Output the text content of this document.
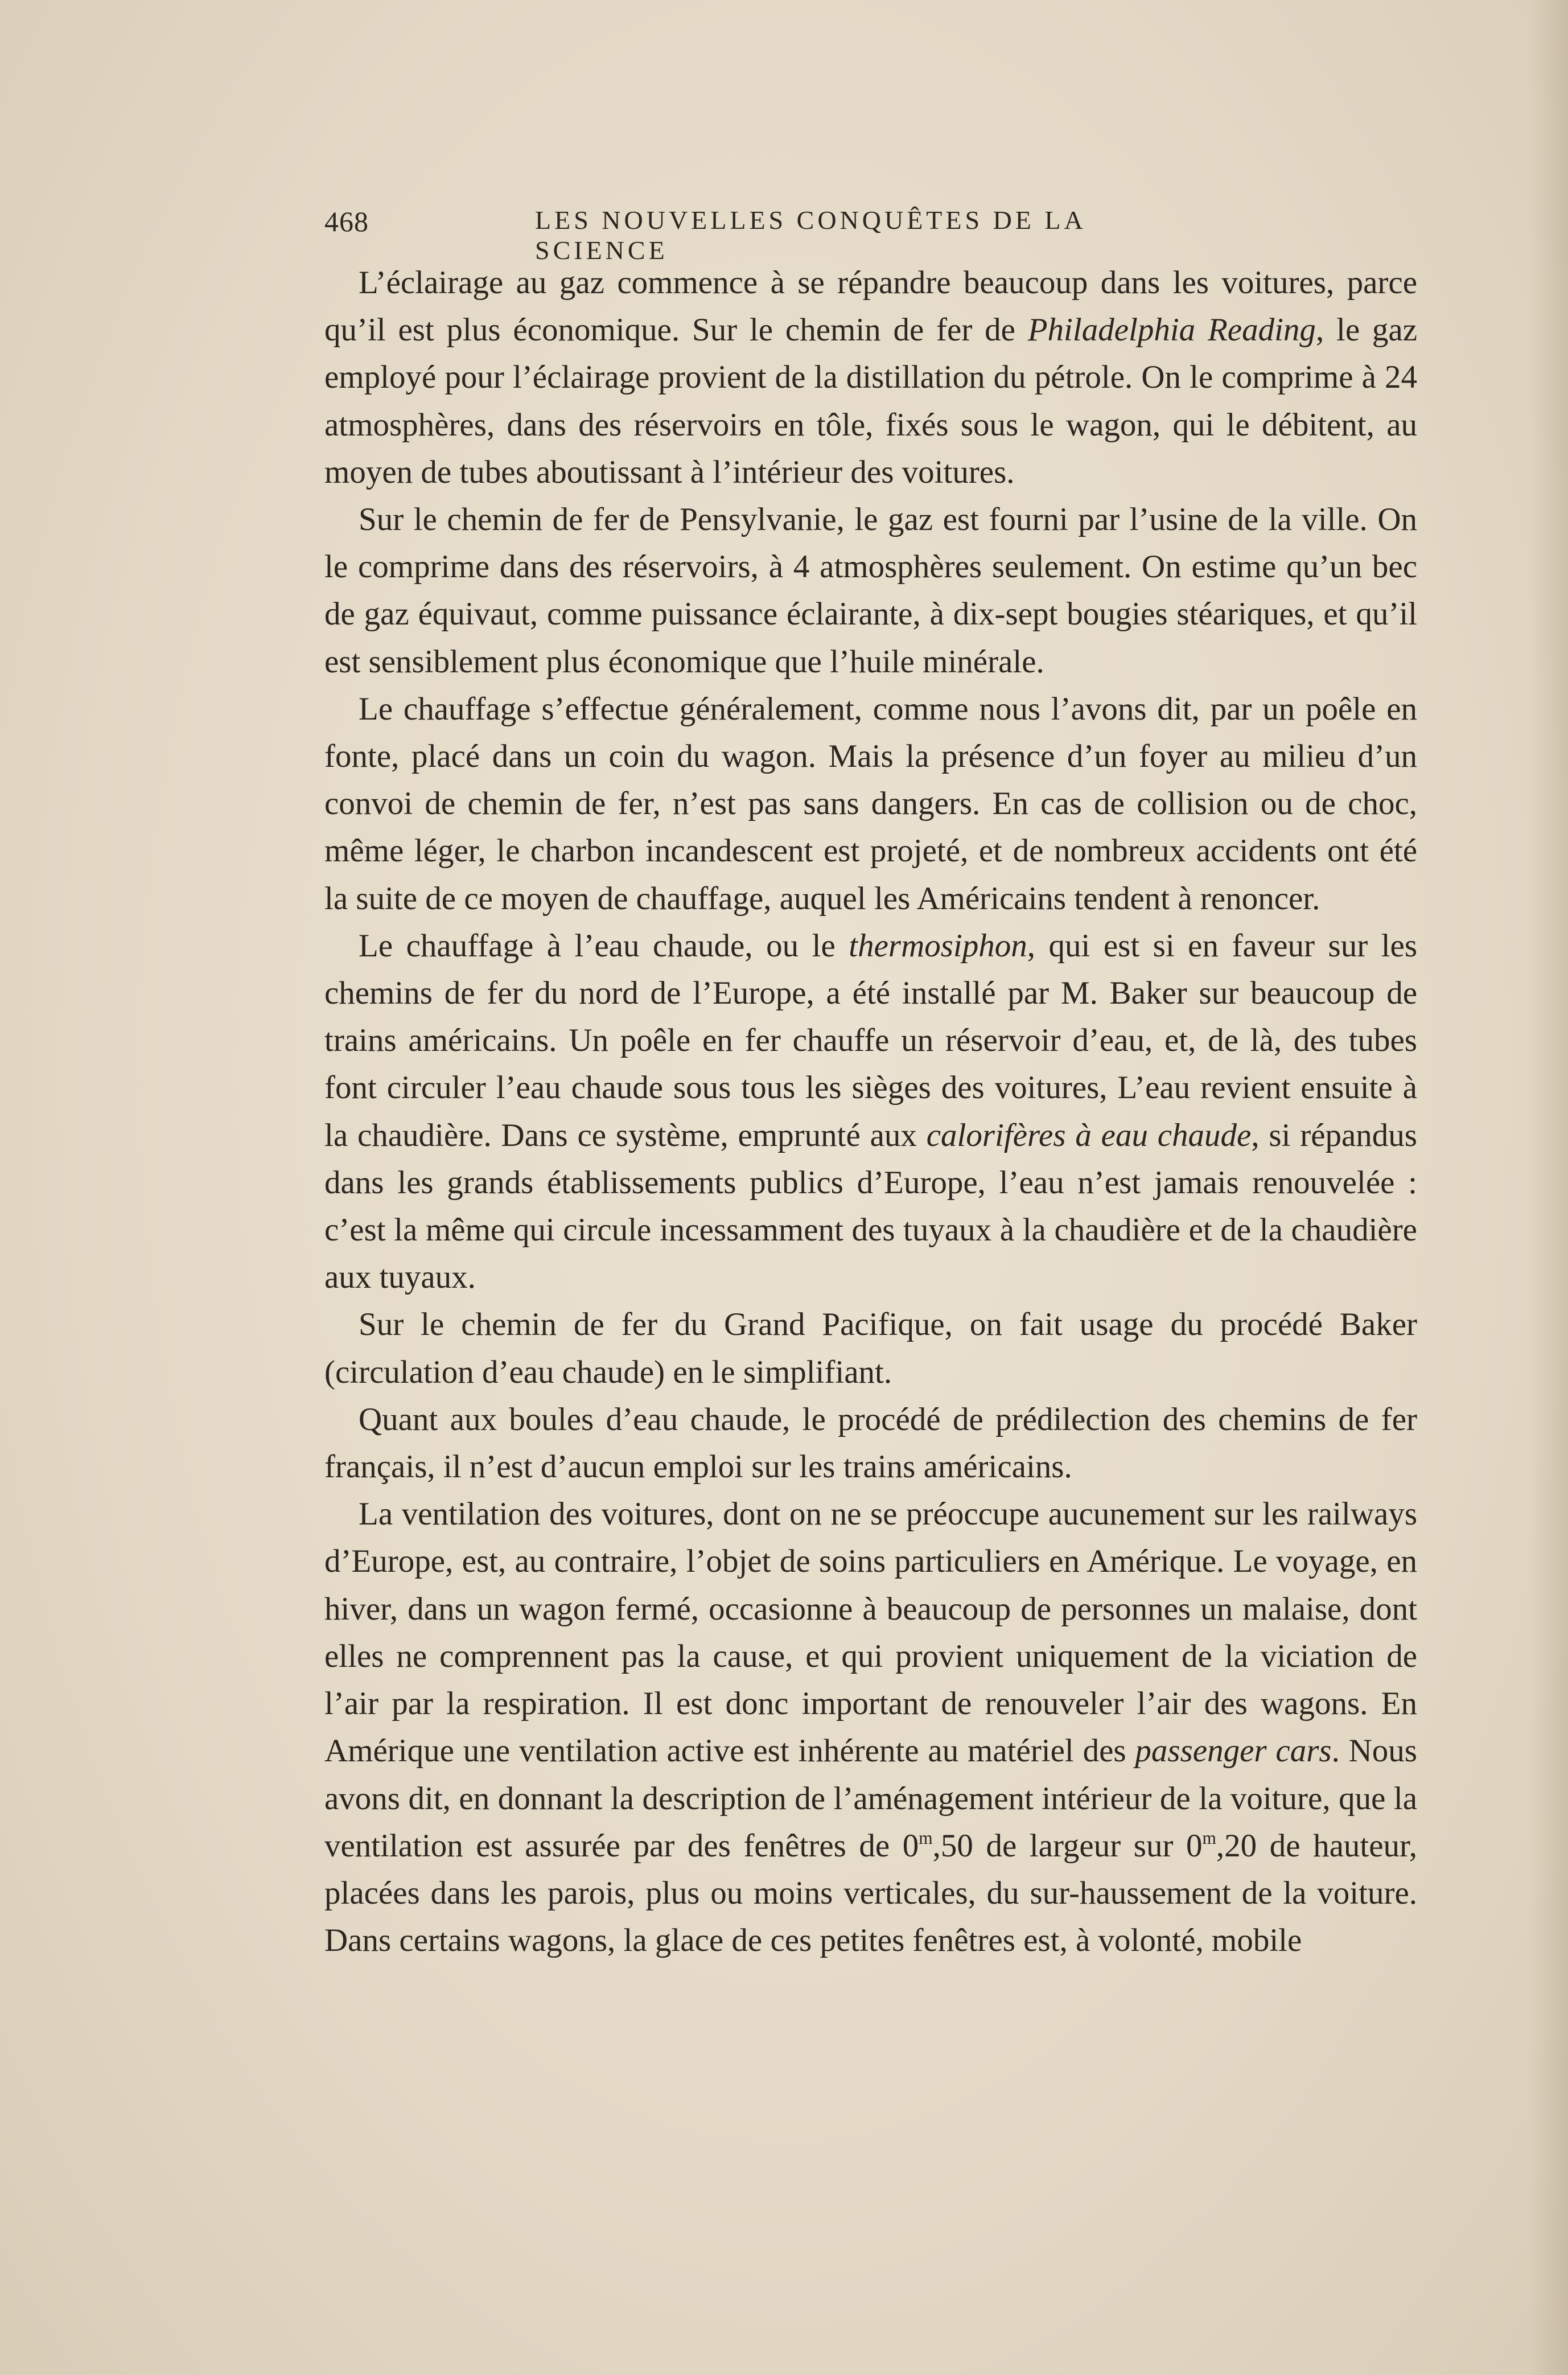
468	LES NOUVELLES CONQUÊTES DE LA SCIENCE

L’éclairage au gaz commence à se répandre beaucoup dans les voitures, parce qu’il est plus économique. Sur le chemin de fer de Philadelphia Reading, le gaz employé pour l’éclairage provient de la distillation du pétrole. On le comprime à 24 atmosphères, dans des réservoirs en tôle, fixés sous le wagon, qui le débitent, au moyen de tubes aboutissant à l’intérieur des voitures.

Sur le chemin de fer de Pensylvanie, le gaz est fourni par l’usine de la ville. On le comprime dans des réservoirs, à 4 atmosphères seulement. On estime qu’un bec de gaz équivaut, comme puissance éclairante, à dix-sept bougies stéariques, et qu’il est sensiblement plus économique que l’huile minérale.

Le chauffage s’effectue généralement, comme nous l’avons dit, par un poêle en fonte, placé dans un coin du wagon. Mais la présence d’un foyer au milieu d’un convoi de chemin de fer, n’est pas sans dangers. En cas de collision ou de choc, même léger, le charbon incandescent est projeté, et de nombreux accidents ont été la suite de ce moyen de chauffage, auquel les Américains tendent à renoncer.

Le chauffage à l’eau chaude, ou le thermosiphon, qui est si en faveur sur les chemins de fer du nord de l’Europe, a été installé par M. Baker sur beaucoup de trains américains. Un poêle en fer chauffe un réservoir d’eau, et, de là, des tubes font circuler l’eau chaude sous tous les sièges des voitures, L’eau revient ensuite à la chaudière. Dans ce système, emprunté aux calorifères à eau chaude, si répandus dans les grands établissements publics d’Europe, l’eau n’est jamais renouvelée : c’est la même qui circule incessamment des tuyaux à la chaudière et de la chaudière aux tuyaux.

Sur le chemin de fer du Grand Pacifique, on fait usage du procédé Baker (circulation d’eau chaude) en le simplifiant.

Quant aux boules d’eau chaude, le procédé de prédilection des chemins de fer français, il n’est d’aucun emploi sur les trains américains.

La ventilation des voitures, dont on ne se préoccupe aucunement sur les railways d’Europe, est, au contraire, l’objet de soins particuliers en Amérique. Le voyage, en hiver, dans un wagon fermé, occasionne à beaucoup de personnes un malaise, dont elles ne comprennent pas la cause, et qui provient uniquement de la viciation de l’air par la respiration. Il est donc important de renouveler l’air des wagons. En Amérique une ventilation active est inhérente au matériel des passenger cars. Nous avons dit, en donnant la description de l’aménagement intérieur de la voiture, que la ventilation est assurée par des fenêtres de 0$^m$,50 de largeur sur 0$^m$,20 de hauteur, placées dans les parois, plus ou moins verticales, du sur-haussement de la voiture. Dans certains wagons, la glace de ces petites fenêtres est, à volonté, mobile
